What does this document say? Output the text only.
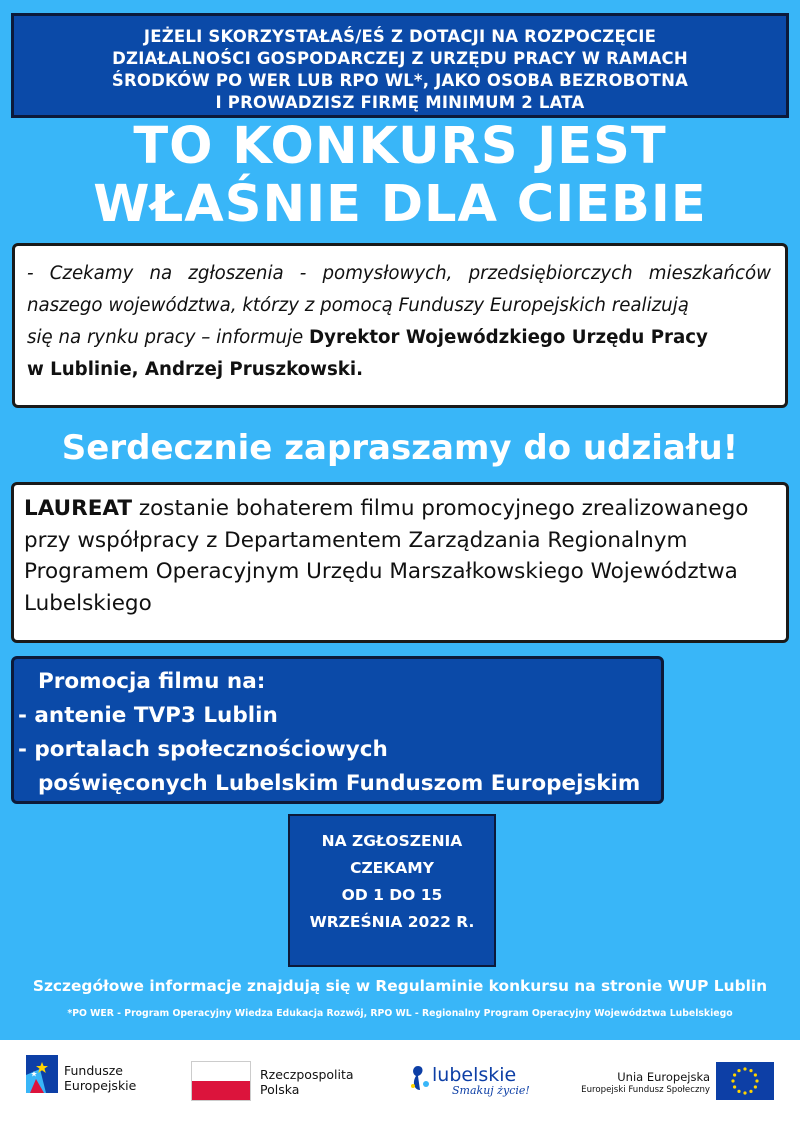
JEŻELI SKORZYSTAŁAŚ/EŚ Z DOTACJI NA ROZPOCZĘCIE
DZIAŁALNOŚCI GOSPODARCZEJ Z URZĘDU PRACY W RAMACH
ŚRODKÓW PO WER LUB RPO WL*, JAKO OSOBA BEZROBOTNA
I PROWADZISZ FIRMĘ MINIMUM 2 LATA
TO KONKURS JEST
WŁAŚNIE DLA CIEBIE
- Czekamy na zgłoszenia - pomysłowych, przedsiębiorczych mieszkańców
naszego województwa, którzy z pomocą Funduszy Europejskich realizują
się na rynku pracy – informuje Dyrektor Wojewódzkiego Urzędu Pracy
w Lublinie, Andrzej Pruszkowski.
Serdecznie zapraszamy do udziału!
LAUREAT zostanie bohaterem filmu promocyjnego zrealizowanego
przy współpracy z Departamentem Zarządzania Regionalnym
Programem Operacyjnym Urzędu Marszałkowskiego Województwa
Lubelskiego
Promocja filmu na:
- antenie TVP3 Lublin
- portalach społecznościowych
poświęconych Lubelskim Funduszom Europejskim
NA ZGŁOSZENIA
CZEKAMY
OD 1 DO 15
WRZEŚNIA 2022 R.
Szczegółowe informacje znajdują się w Regulaminie konkursu na stronie WUP Lublin
*PO WER - Program Operacyjny Wiedza Edukacja Rozwój, RPO WL - Regionalny Program Operacyjny Województwa Lubelskiego
Fundusze
Europejskie
Rzeczpospolita
Polska
lubelskie
Smakuj życie!
Unia Europejska
Europejski Fundusz Społeczny
